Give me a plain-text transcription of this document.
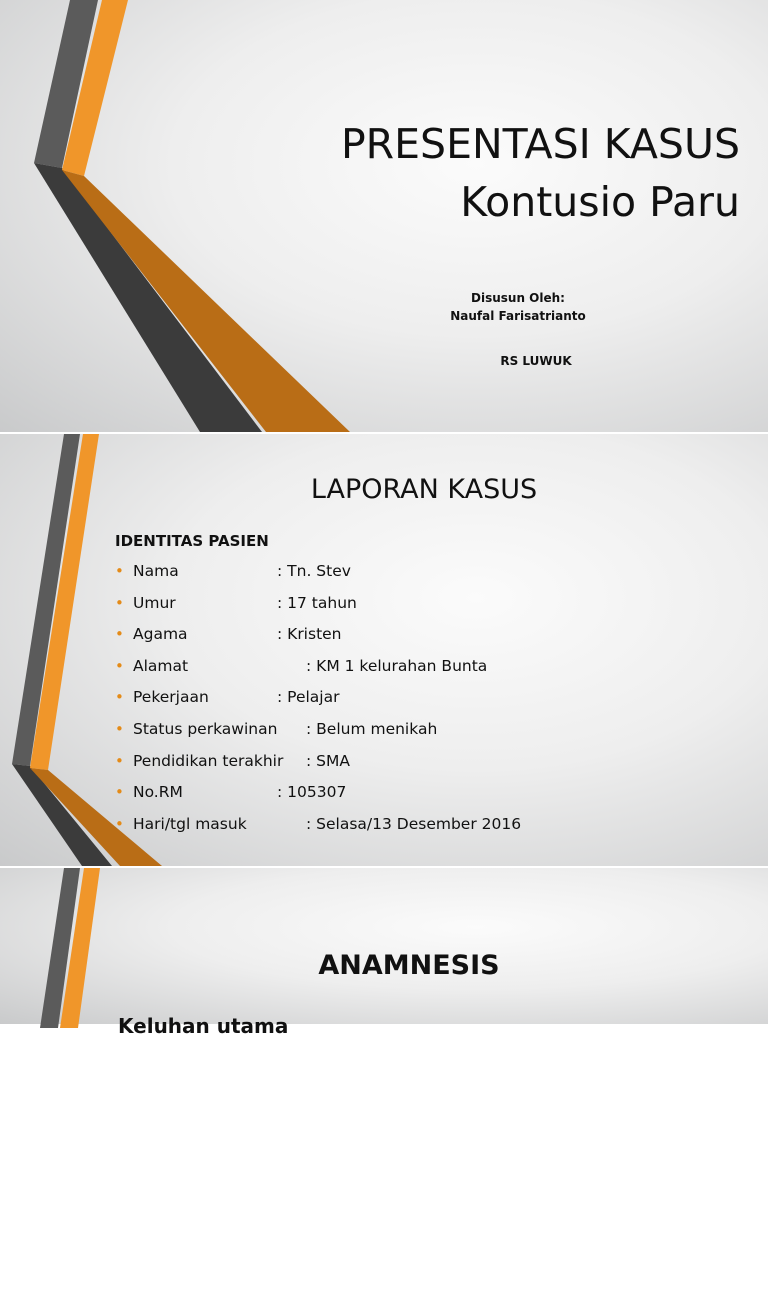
PRESENTASI KASUS
Kontusio Paru
Disusun Oleh:
Naufal Farisatrianto
RS LUWUK
LAPORAN KASUS
IDENTITAS PASIEN
• Nama	: Tn. Stev
• Umur	: 17 tahun
• Agama	: Kristen
• Alamat	: KM 1 kelurahan Bunta
• Pekerjaan	: Pelajar
• Status perkawinan : Belum menikah
• Pendidikan terakhir : SMA
• No.RM	: 105307
• Hari/tgl masuk	: Selasa/13 Desember 2016
ANAMNESIS
Keluhan utama
